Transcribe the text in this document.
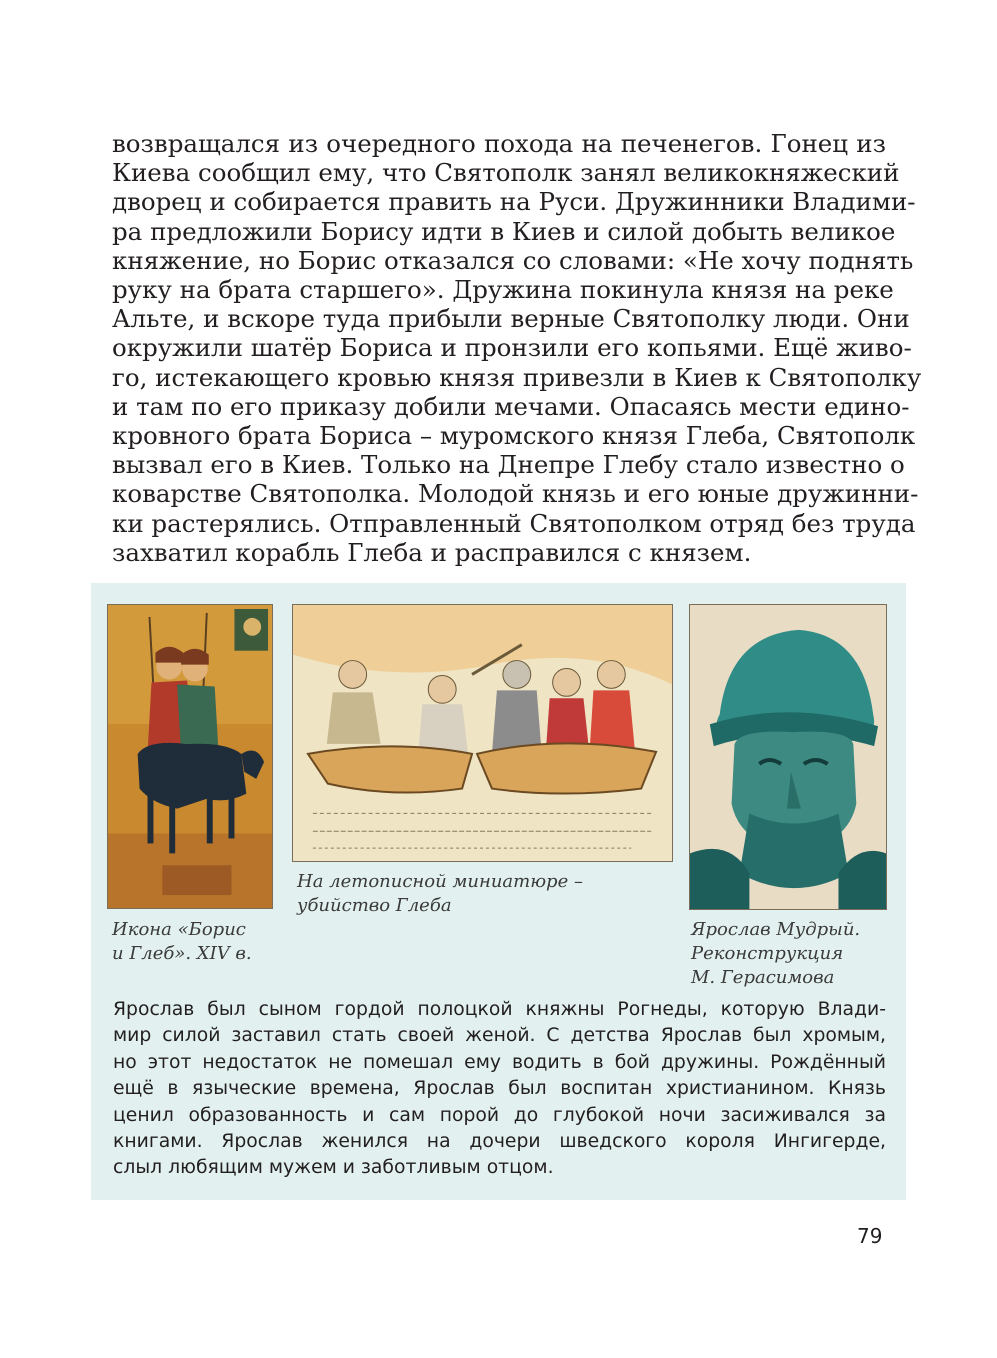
возвращался из очередного похода на печенегов. Гонец из
Киева сообщил ему, что Святополк занял великокняжеский
дворец и собирается править на Руси. Дружинники Владими-
ра предложили Борису идти в Киев и силой добыть великое
княжение, но Борис отказался со словами: «Не хочу поднять
руку на брата старшего». Дружина покинула князя на реке
Альте, и вскоре туда прибыли верные Святополку люди. Они
окружили шатёр Бориса и пронзили его копьями. Ещё живо-
го, истекающего кровью князя привезли в Киев к Святополку
и там по его приказу добили мечами. Опасаясь мести едино-
кровного брата Бориса – муромского князя Глеба, Святополк
вызвал его в Киев. Только на Днепре Глебу стало известно о
коварстве Святополка. Молодой князь и его юные дружинни-
ки растерялись. Отправленный Святополком отряд без труда
захватил корабль Глеба и расправился с князем.
Икона «Борис
и Глеб». XIV в.
На летописной миниатюре –
убийство Глеба
Ярослав Мудрый.
Реконструкция
М. Герасимова
Ярослав был сыном гордой полоцкой княжны Рогнеды, которую Влади-
мир силой заставил стать своей женой. С детства Ярослав был хромым,
но этот недостаток не помешал ему водить в бой дружины. Рождённый
ещё в языческие времена, Ярослав был воспитан христианином. Князь
ценил образованность и сам порой до глубокой ночи засиживался за
книгами. Ярослав женился на дочери шведского короля Ингигерде,
слыл любящим мужем и заботливым отцом.
79
